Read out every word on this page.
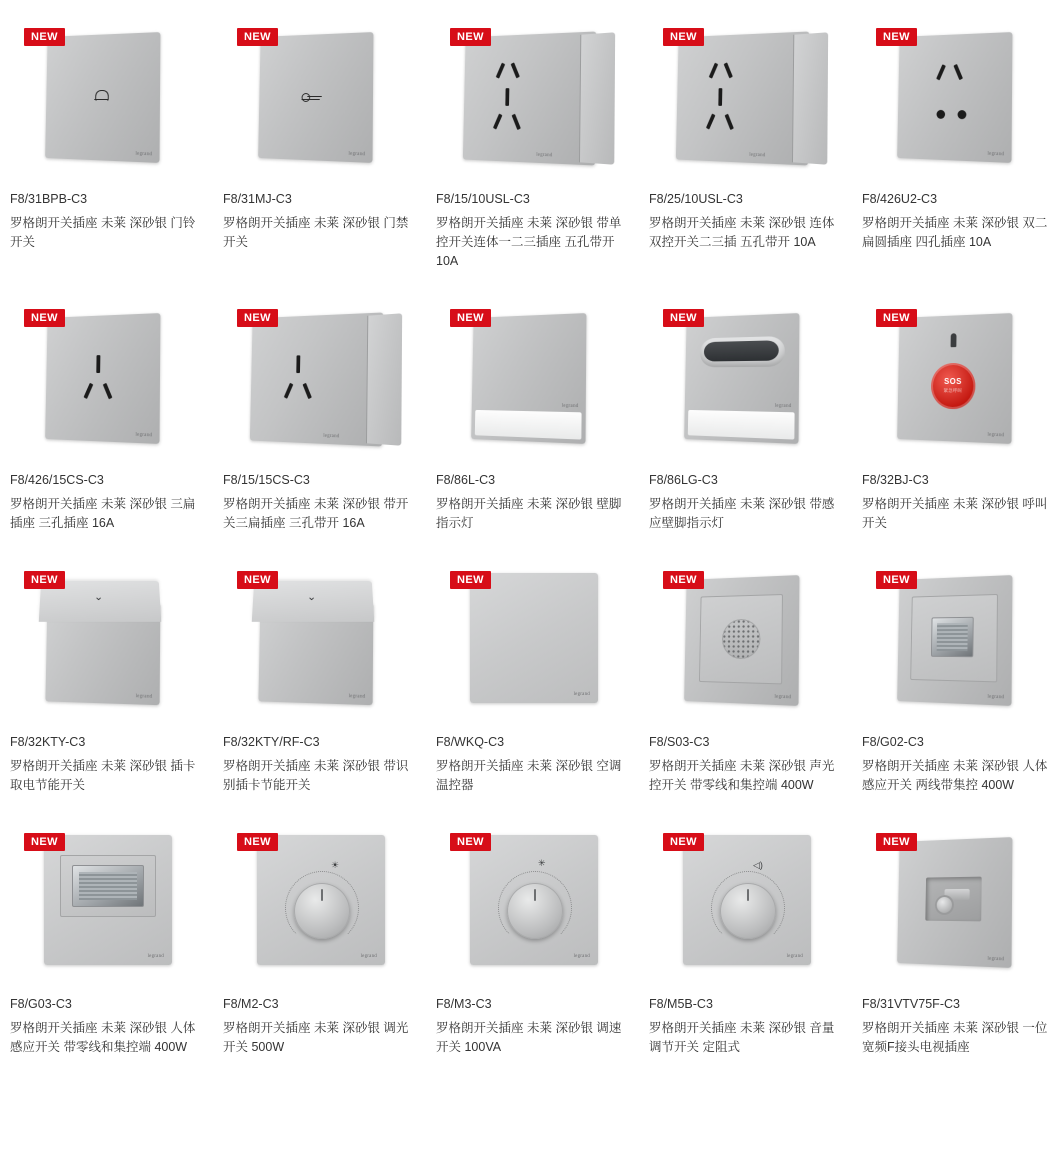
NEW
legrand
F8/31BPB-C3
罗格朗开关插座 未莱 深砂银 门铃开关
NEW
legrand
F8/31MJ-C3
罗格朗开关插座 未莱 深砂银 门禁开关
NEW
legrand
F8/15/10USL-C3
罗格朗开关插座 未莱 深砂银 带单控开关连体一二三插座 五孔带开 10A
NEW
legrand
F8/25/10USL-C3
罗格朗开关插座 未莱 深砂银 连体双控开关二三插 五孔带开 10A
NEW
legrand
F8/426U2-C3
罗格朗开关插座 未莱 深砂银 双二扁圆插座 四孔插座 10A
NEW
legrand
F8/426/15CS-C3
罗格朗开关插座 未莱 深砂银 三扁插座 三孔插座 16A
NEW
legrand
F8/15/15CS-C3
罗格朗开关插座 未莱 深砂银 带开关三扁插座 三孔带开 16A
NEW
legrand
F8/86L-C3
罗格朗开关插座 未莱 深砂银 壁脚指示灯
NEW
legrand
F8/86LG-C3
罗格朗开关插座 未莱 深砂银 带感应壁脚指示灯
NEW
SOS
紧急呼叫
legrand
F8/32BJ-C3
罗格朗开关插座 未莱 深砂银 呼叫开关
NEW
legrand
⌄
F8/32KTY-C3
罗格朗开关插座 未莱 深砂银 插卡取电节能开关
NEW
legrand
⌄
F8/32KTY/RF-C3
罗格朗开关插座 未莱 深砂银 带识别插卡节能开关
NEW
legrand
F8/WKQ-C3
罗格朗开关插座 未莱 深砂银 空调温控器
NEW
legrand
F8/S03-C3
罗格朗开关插座 未莱 深砂银 声光控开关 带零线和集控端 400W
NEW
legrand
F8/G02-C3
罗格朗开关插座 未莱 深砂银 人体感应开关 两线带集控 400W
NEW
legrand
F8/G03-C3
罗格朗开关插座 未莱 深砂银 人体感应开关 带零线和集控端 400W
NEW
☀
legrand
F8/M2-C3
罗格朗开关插座 未莱 深砂银 调光开关 500W
NEW
✳
legrand
F8/M3-C3
罗格朗开关插座 未莱 深砂银 调速开关 100VA
NEW
◁)
legrand
F8/M5B-C3
罗格朗开关插座 未莱 深砂银 音量调节开关 定阻式
NEW
legrand
F8/31VTV75F-C3
罗格朗开关插座 未莱 深砂银 一位宽频F接头电视插座
